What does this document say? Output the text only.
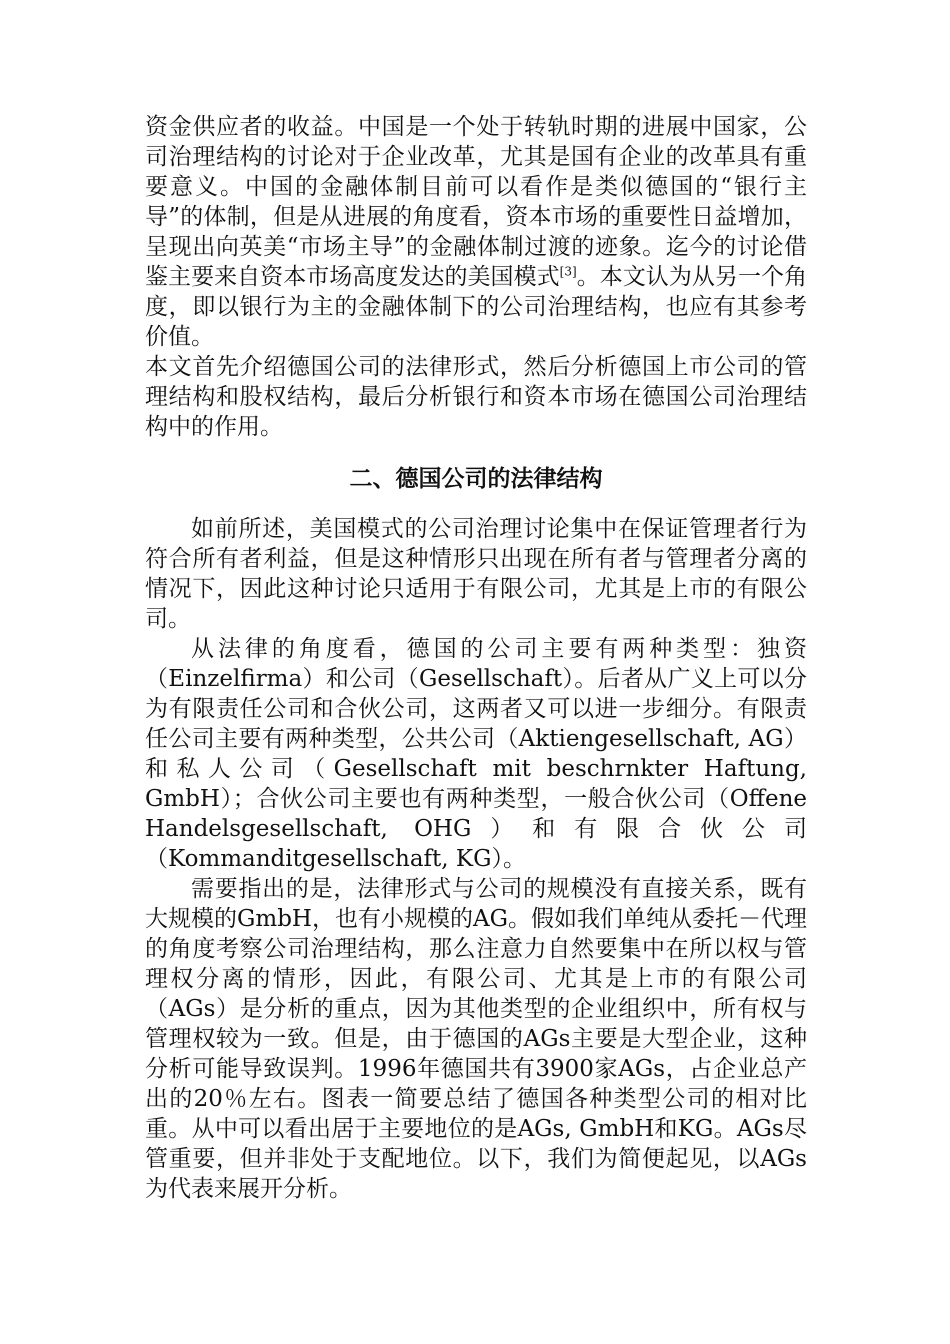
资金供应者的收益。中国是一个处于转轨时期的进展中国家，公司治理结构的讨论对于企业改革，尤其是国有企业的改革具有重要意义。中国的金融体制目前可以看作是类似德国的“银行主导”的体制，但是从进展的角度看，资本市场的重要性日益增加，呈现出向英美“市场主导”的金融体制过渡的迹象。迄今的讨论借鉴主要来自资本市场高度发达的美国模式[3]。本文认为从另一个角度，即以银行为主的金融体制下的公司治理结构，也应有其参考价值。

本文首先介绍德国公司的法律形式，然后分析德国上市公司的管理结构和股权结构，最后分析银行和资本市场在德国公司治理结构中的作用。

二、德国公司的法律结构

如前所述，美国模式的公司治理讨论集中在保证管理者行为符合所有者利益，但是这种情形只出现在所有者与管理者分离的情况下，因此这种讨论只适用于有限公司，尤其是上市的有限公司。

从法律的角度看，德国的公司主要有两种类型：独资（Einzelfirma）和公司（Gesellschaft）。后者从广义上可以分为有限责任公司和合伙公司，这两者又可以进一步细分。有限责任公司主要有两种类型，公共公司（Aktiengesellschaft, AG）和私人公司（Gesellschaft mit beschrnkter Haftung, GmbH）；合伙公司主要也有两种类型，一般合伙公司（Offene Handelsgesellschaft, OHG）和有限合伙公司（Kommanditgesellschaft, KG）。

需要指出的是，法律形式与公司的规模没有直接关系，既有大规模的GmbH，也有小规模的AG。假如我们单纯从委托－代理的角度考察公司治理结构，那么注意力自然要集中在所以权与管理权分离的情形，因此，有限公司、尤其是上市的有限公司（AGs）是分析的重点，因为其他类型的企业组织中，所有权与管理权较为一致。但是，由于德国的AGs主要是大型企业，这种分析可能导致误判。1996年德国共有3900家AGs，占企业总产出的20％左右。图表一简要总结了德国各种类型公司的相对比重。从中可以看出居于主要地位的是AGs, GmbH和KG。AGs尽管重要，但并非处于支配地位。以下，我们为简便起见，以AGs为代表来展开分析。
